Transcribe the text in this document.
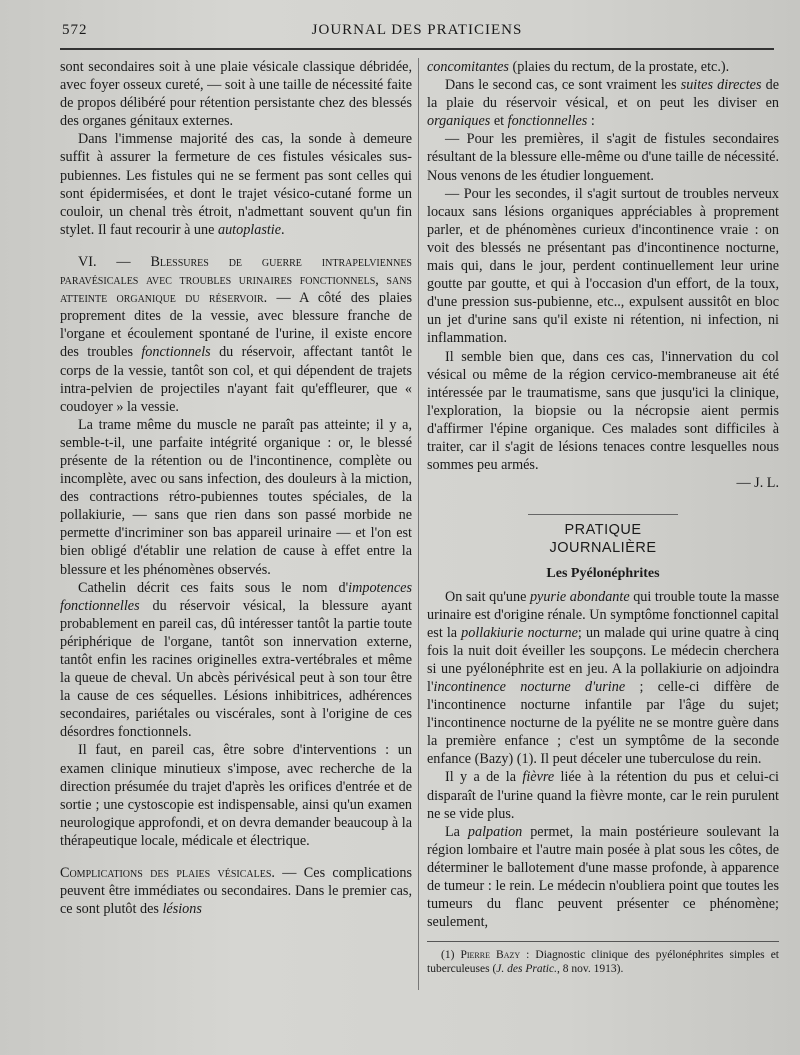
572	JOURNAL DES PRATICIENS

sont secondaires soit à une plaie vésicale classique débridée, avec foyer osseux cureté, — soit à une taille de nécessité faite de propos délibéré pour rétention persistante chez des blessés des organes génitaux externes.

Dans l'immense majorité des cas, la sonde à demeure suffit à assurer la fermeture de ces fistules vésicales sus-pubiennes. Les fistules qui ne se ferment pas sont celles qui sont épidermisées, et dont le trajet vésico-cutané forme un couloir, un chenal très étroit, n'admettant souvent qu'un fin stylet. Il faut recourir à une autoplastie.

VI. — Blessures de guerre intrapelviennes paravésicales avec troubles urinaires fonctionnels, sans atteinte organique du réservoir. — A côté des plaies proprement dites de la vessie, avec blessure franche de l'organe et écoulement spontané de l'urine, il existe encore des troubles fonctionnels du réservoir, affectant tantôt le corps de la vessie, tantôt son col, et qui dépendent de trajets intra-pelvien de projectiles n'ayant fait qu'effleurer, que « coudoyer » la vessie.

La trame même du muscle ne paraît pas atteinte; il y a, semble-t-il, une parfaite intégrité organique : or, le blessé présente de la rétention ou de l'incontinence, complète ou incomplète, avec ou sans infection, des douleurs à la miction, des contractions rétro-pubiennes toutes spéciales, de la pollakiurie, — sans que rien dans son passé morbide ne permette d'incriminer son bas appareil urinaire — et l'on est bien obligé d'établir une relation de cause à effet entre la blessure et les phénomènes observés.

Cathelin décrit ces faits sous le nom d'impotences fonctionnelles du réservoir vésical, la blessure ayant probablement en pareil cas, dû intéresser tantôt la partie toute périphérique de l'organe, tantôt son innervation externe, tantôt enfin les racines originelles extra-vertébrales et même la queue de cheval. Un abcès périvésical peut à son tour être la cause de ces séquelles. Lésions inhibitrices, adhérences secondaires, pariétales ou viscérales, sont à l'origine de ces désordres fonctionnels.

Il faut, en pareil cas, être sobre d'interventions : un examen clinique minutieux s'impose, avec recherche de la direction présumée du trajet d'après les orifices d'entrée et de sortie ; une cystoscopie est indispensable, ainsi qu'un examen neurologique approfondi, et on devra demander beaucoup à la thérapeutique locale, médicale et électrique.

Complications des plaies vésicales. — Ces complications peuvent être immédiates ou secondaires. Dans le premier cas, ce sont plutôt des lésions

concomitantes (plaies du rectum, de la prostate, etc.).

Dans le second cas, ce sont vraiment les suites directes de la plaie du réservoir vésical, et on peut les diviser en organiques et fonctionnelles :

— Pour les premières, il s'agit de fistules secondaires résultant de la blessure elle-même ou d'une taille de nécessité. Nous venons de les étudier longuement.

— Pour les secondes, il s'agit surtout de troubles nerveux locaux sans lésions organiques appréciables à proprement parler, et de phénomènes curieux d'incontinence vraie : on voit des blessés ne présentant pas d'incontinence nocturne, mais qui, dans le jour, perdent continuellement leur urine goutte par goutte, et qui à l'occasion d'un effort, de la toux, d'une pression sus-pubienne, etc.., expulsent aussitôt en bloc un jet d'urine sans qu'il existe ni rétention, ni infection, ni inflammation.

Il semble bien que, dans ces cas, l'innervation du col vésical ou même de la région cervico-membraneuse ait été intéressée par le traumatisme, sans que jusqu'ici la clinique, l'exploration, la biopsie ou la nécropsie aient permis d'affirmer l'épine organique. Ces malades sont difficiles à traiter, car il s'agit de lésions tenaces contre lesquelles nous sommes peu armés.

— J. L.
PRATIQUE JOURNALIÈRE
Les Pyélonéphrites

On sait qu'une pyurie abondante qui trouble toute la masse urinaire est d'origine rénale. Un symptôme fonctionnel capital est la pollakiurie nocturne; un malade qui urine quatre à cinq fois la nuit doit éveiller les soupçons. Le médecin cherchera si une pyélonéphrite est en jeu. A la pollakiurie on adjoindra l'incontinence nocturne d'urine ; celle-ci diffère de l'incontinence nocturne infantile par l'âge du sujet; l'incontinence nocturne de la pyélite ne se montre guère dans la première enfance ; c'est un symptôme de la seconde enfance (Bazy) (1). Il peut déceler une tuberculose du rein.

Il y a de la fièvre liée à la rétention du pus et celui-ci disparaît de l'urine quand la fièvre monte, car le rein purulent ne se vide plus.

La palpation permet, la main postérieure soulevant la région lombaire et l'autre main posée à plat sous les côtes, de déterminer le ballotement d'une masse profonde, à apparence de tumeur : le rein. Le médecin n'oubliera point que toutes les tumeurs du flanc peuvent présenter ce phénomène; seulement,

(1) Pierre Bazy : Diagnostic clinique des pyélonéphrites simples et tuberculeuses (J. des Pratic., 8 nov. 1913).
